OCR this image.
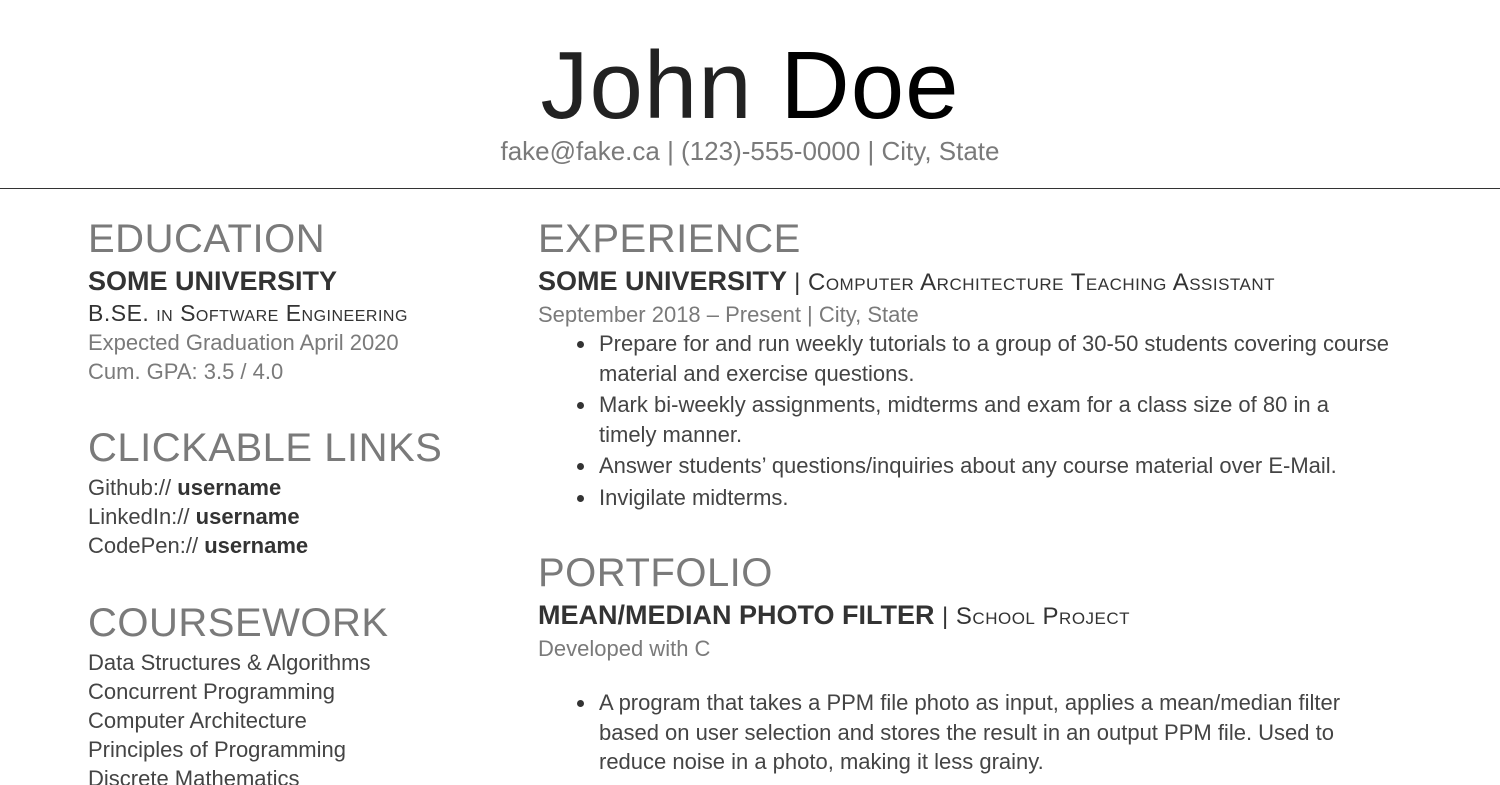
John Doe
fake@fake.ca | (123)-555-0000 | City, State
EDUCATION
SOME UNIVERSITY
B.SE. in Software Engineering
Expected Graduation April 2020
Cum. GPA: 3.5 / 4.0
CLICKABLE LINKS
Github:// username
LinkedIn:// username
CodePen:// username
COURSEWORK
Data Structures & Algorithms
Concurrent Programming
Computer Architecture
Principles of Programming
Discrete Mathematics
EXPERIENCE
SOME UNIVERSITY | Computer Architecture Teaching Assistant
September 2018 – Present | City, State
Prepare for and run weekly tutorials to a group of 30-50 students covering course material and exercise questions.
Mark bi-weekly assignments, midterms and exam for a class size of 80 in a timely manner.
Answer students’ questions/inquiries about any course material over E-Mail.
Invigilate midterms.
PORTFOLIO
MEAN/MEDIAN PHOTO FILTER | School Project
Developed with C
A program that takes a PPM file photo as input, applies a mean/median filter based on user selection and stores the result in an output PPM file. Used to reduce noise in a photo, making it less grainy.
